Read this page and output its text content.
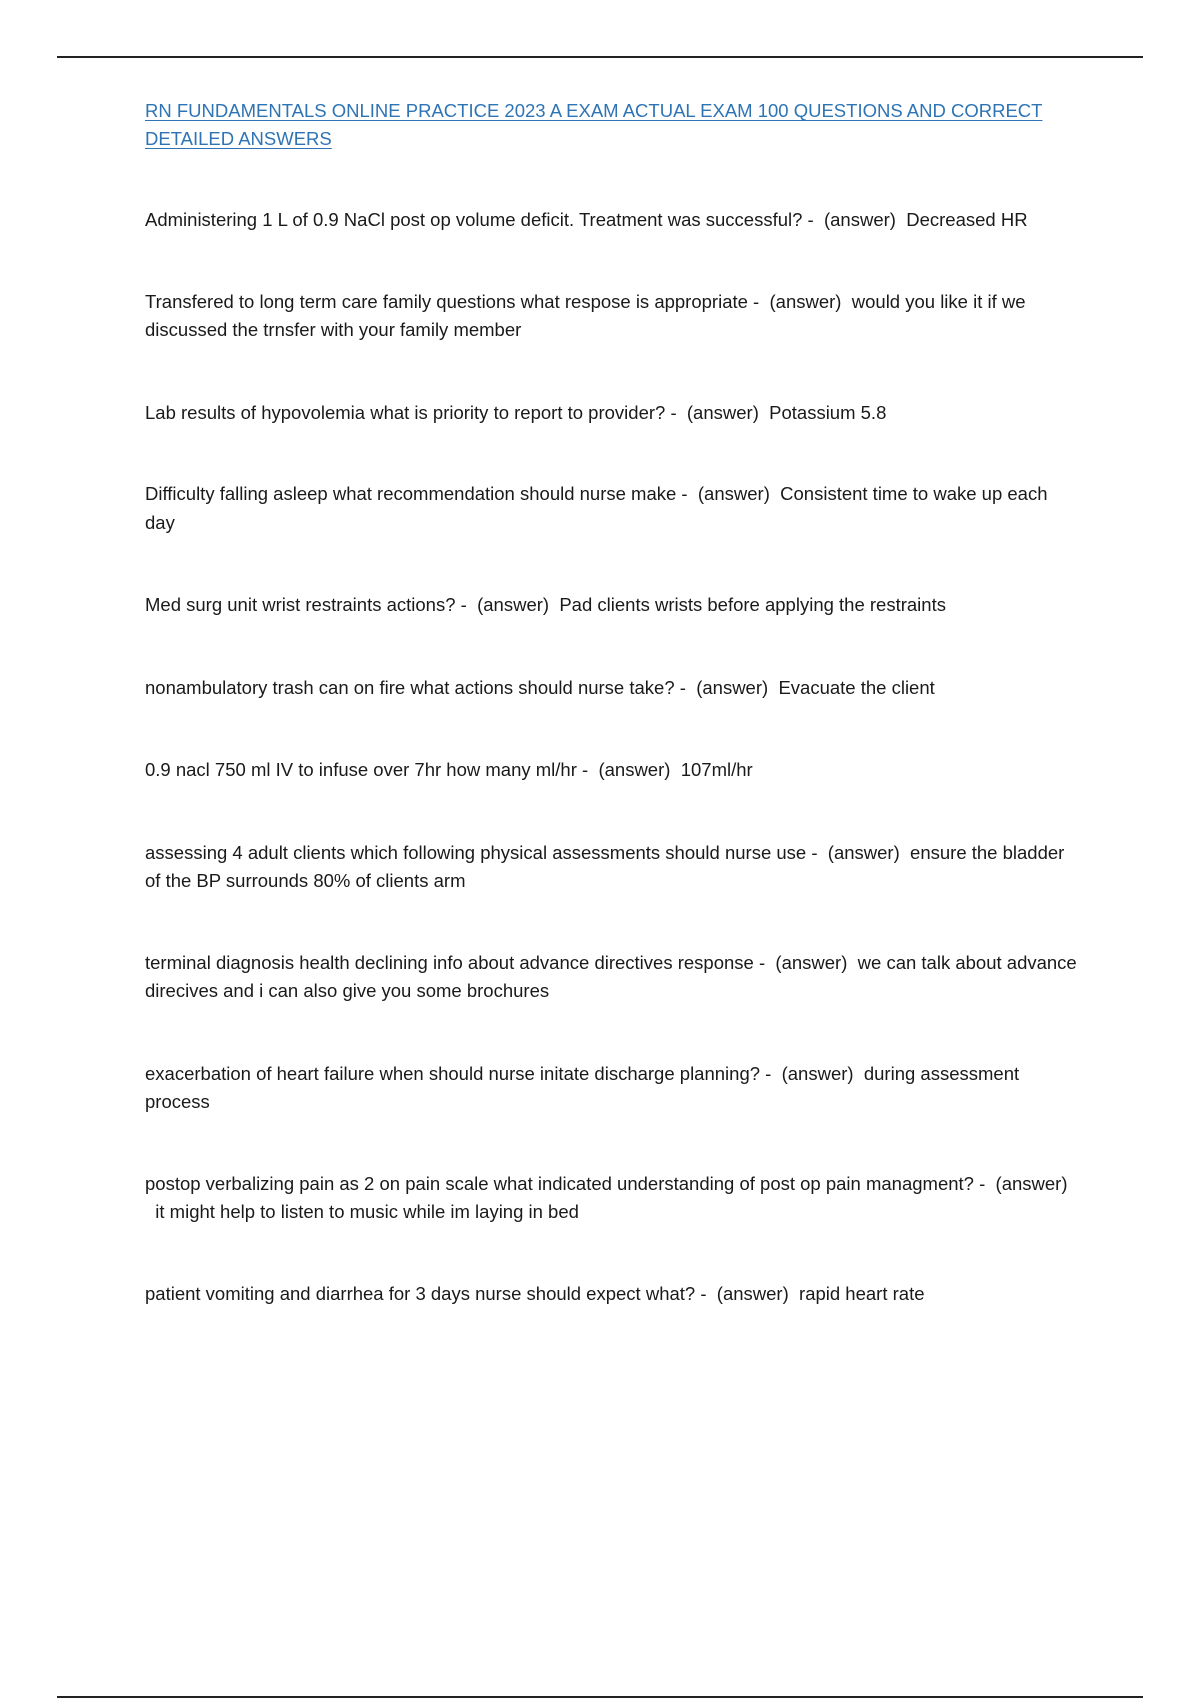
RN FUNDAMENTALS ONLINE PRACTICE 2023 A EXAM ACTUAL EXAM 100 QUESTIONS AND CORRECT DETAILED ANSWERS

Administering 1 L of 0.9 NaCl post op volume deficit. Treatment was successful? - (answer) Decreased HR

Transfered to long term care family questions what respose is appropriate - (answer) would you like it if we discussed the trnsfer with your family member

Lab results of hypovolemia what is priority to report to provider? - (answer) Potassium 5.8

Difficulty falling asleep what recommendation should nurse make - (answer) Consistent time to wake up each day

Med surg unit wrist restraints actions? - (answer) Pad clients wrists before applying the restraints

nonambulatory trash can on fire what actions should nurse take? - (answer) Evacuate the client

0.9 nacl 750 ml IV to infuse over 7hr how many ml/hr - (answer) 107ml/hr

assessing 4 adult clients which following physical assessments should nurse use - (answer) ensure the bladder of the BP surrounds 80% of clients arm

terminal diagnosis health declining info about advance directives response - (answer) we can talk about advance direcives and i can also give you some brochures

exacerbation of heart failure when should nurse initate discharge planning? - (answer) during assessment process

postop verbalizing pain as 2 on pain scale what indicated understanding of post op pain managment? - (answer)  it might help to listen to music while im laying in bed

patient vomiting and diarrhea for 3 days nurse should expect what? - (answer) rapid heart rate
